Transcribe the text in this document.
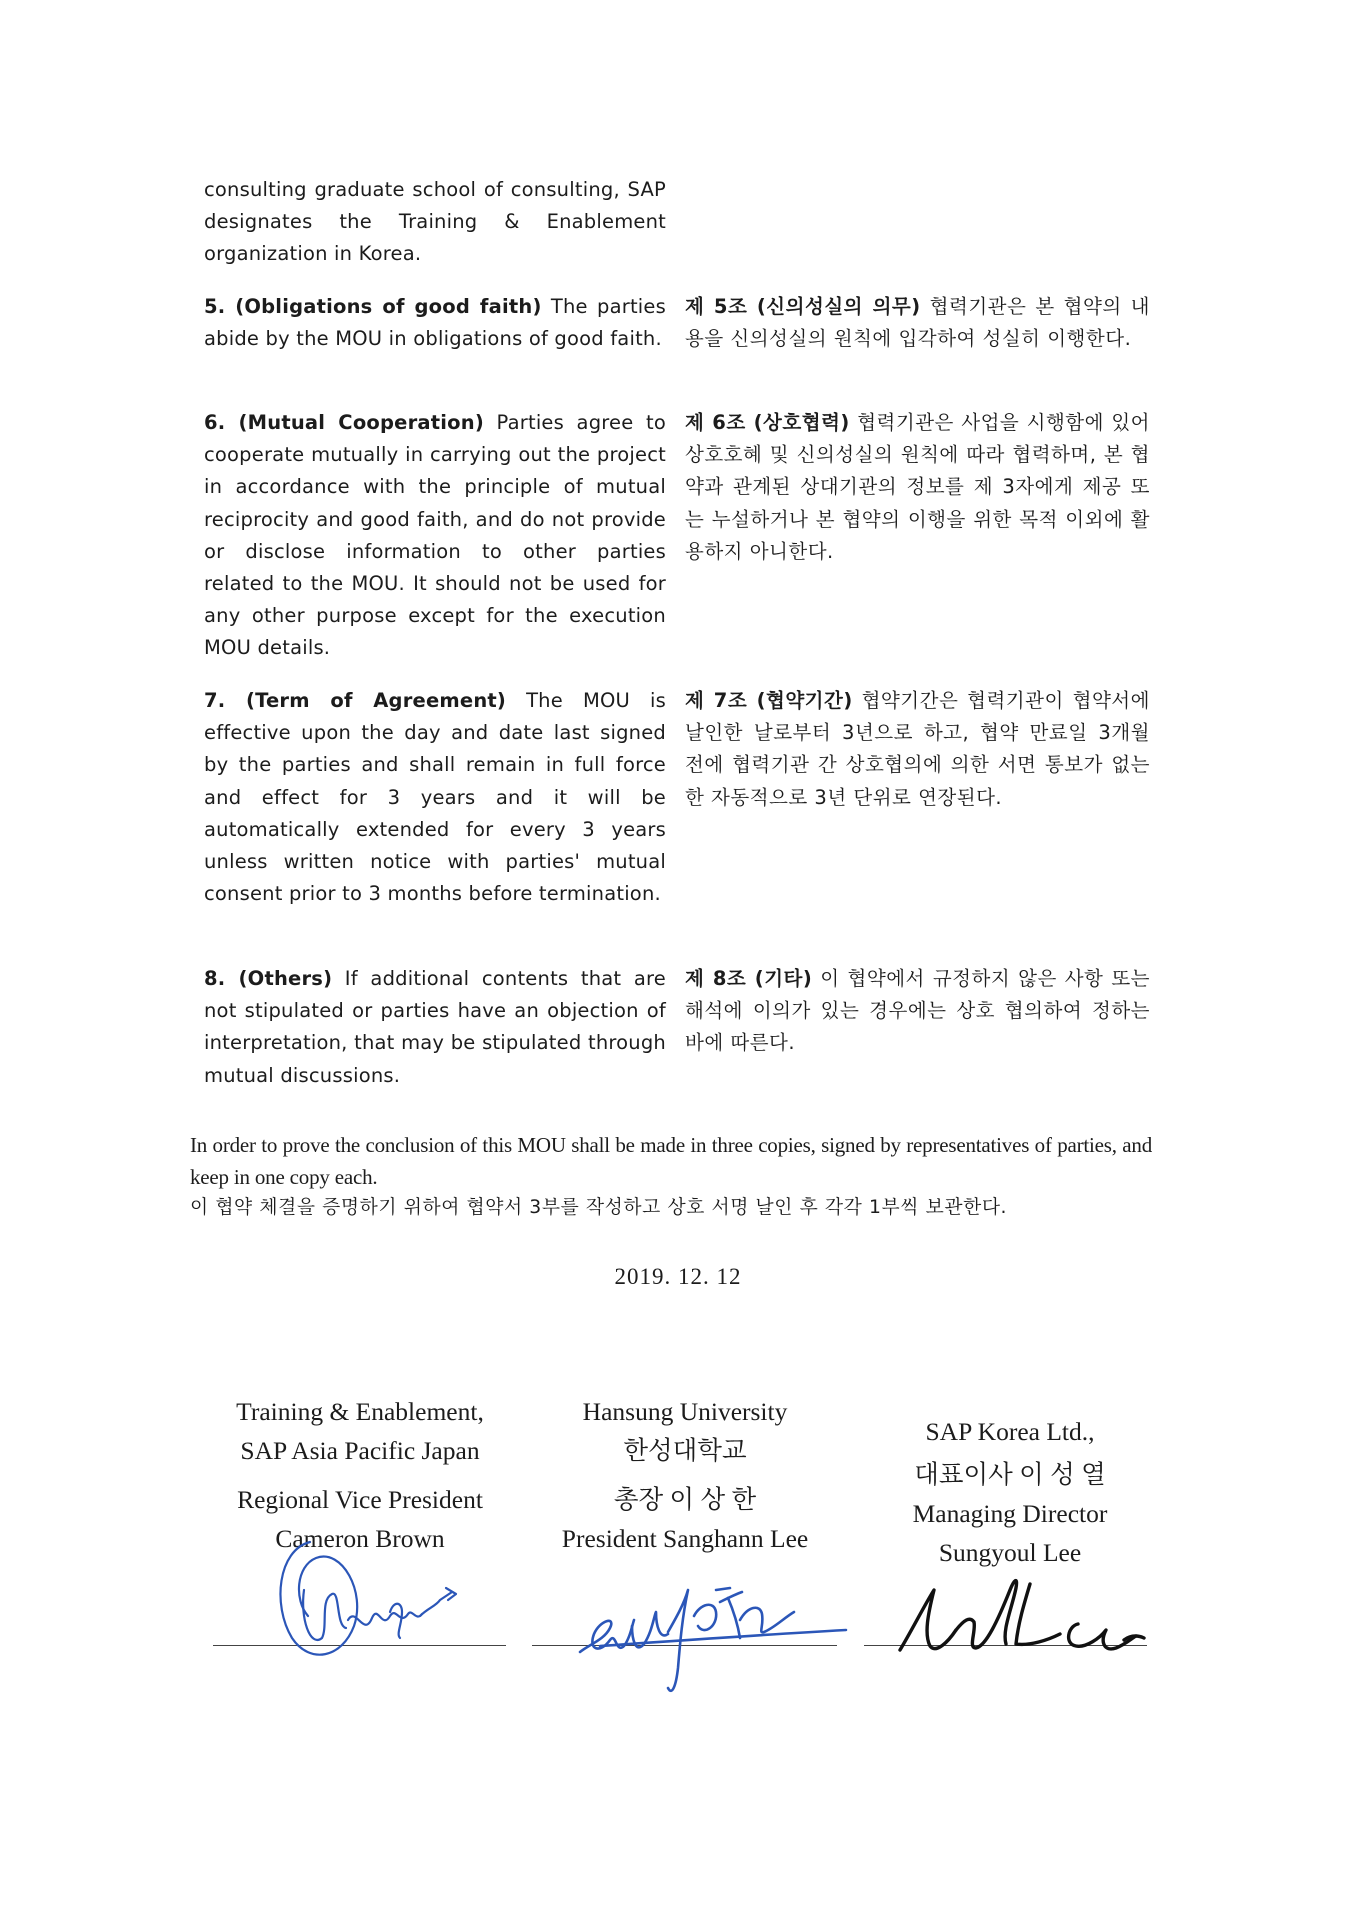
consulting graduate school of consulting, SAP designates the Training & Enablement organization in Korea.
5. (Obligations of good faith) The parties abide by the MOU in obligations of good faith.
제 5조 (신의성실의 의무) 협력기관은 본 협약의 내용을 신의성실의 원칙에 입각하여 성실히 이행한다.
6. (Mutual Cooperation) Parties agree to cooperate mutually in carrying out the project in accordance with the principle of mutual reciprocity and good faith, and do not provide or disclose information to other parties related to the MOU. It should not be used for any other purpose except for the execution MOU details.
제 6조 (상호협력) 협력기관은 사업을 시행함에 있어 상호호혜 및 신의성실의 원칙에 따라 협력하며, 본 협약과 관계된 상대기관의 정보를 제 3자에게 제공 또는 누설하거나 본 협약의 이행을 위한 목적 이외에 활용하지 아니한다.
7. (Term of Agreement) The MOU is effective upon the day and date last signed by the parties and shall remain in full force and effect for 3 years and it will be automatically extended for every 3 years unless written notice with parties' mutual consent prior to 3 months before termination.
제 7조 (협약기간) 협약기간은 협력기관이 협약서에 날인한 날로부터 3년으로 하고, 협약 만료일 3개월 전에 협력기관 간 상호협의에 의한 서면 통보가 없는 한 자동적으로 3년 단위로 연장된다.
8. (Others) If additional contents that are not stipulated or parties have an objection of interpretation, that may be stipulated through mutual discussions.
제 8조 (기타) 이 협약에서 규정하지 않은 사항 또는 해석에 이의가 있는 경우에는 상호 협의하여 정하는 바에 따른다.
In order to prove the conclusion of this MOU shall be made in three copies, signed by representatives of parties, and keep in one copy each.
이 협약 체결을 증명하기 위하여 협약서 3부를 작성하고 상호 서명 날인 후 각각 1부씩 보관한다.
2019. 12. 12
Training & Enablement,
SAP Asia Pacific Japan
Regional Vice President
Cameron Brown
Hansung University
한성대학교
총장 이 상 한
President Sanghann Lee
SAP Korea Ltd.,
대표이사 이 성 열
Managing Director
Sungyoul Lee
